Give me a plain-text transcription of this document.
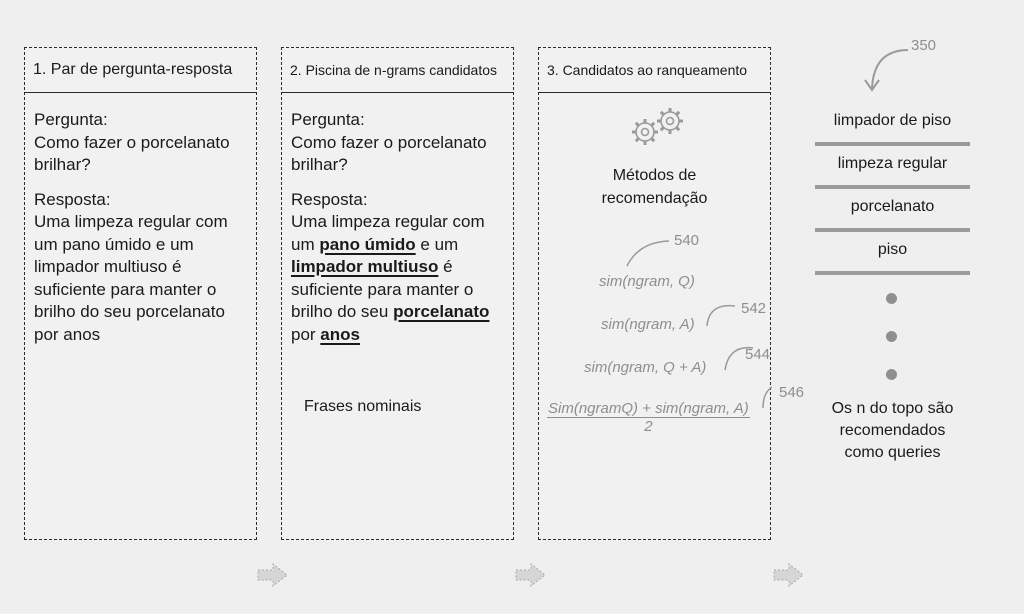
1. Par de pergunta-resposta
Pergunta:
Como fazer o porcelanato brilhar?
Resposta:
Uma limpeza regular com um pano úmido e um limpador multiuso é suficiente para manter o brilho do seu porcelanato por anos
2. Piscina de n-grams candidatos
Pergunta:
Como fazer o porcelanato brilhar?
Resposta:
Uma limpeza regular com um pano úmido e um limpador multiuso é suficiente para manter o brilho do seu porcelanato por anos
Frases nominais
3. Candidatos ao ranqueamento
Métodos de recomendação
sim(ngram, Q)
540
sim(ngram, A)
542
sim(ngram, Q + A)
544
Sim(ngramQ) + sim(ngram, A)
2
546
350
limpador de piso
limpeza regular
porcelanato
piso
Os n do topo são recomendados como queries
